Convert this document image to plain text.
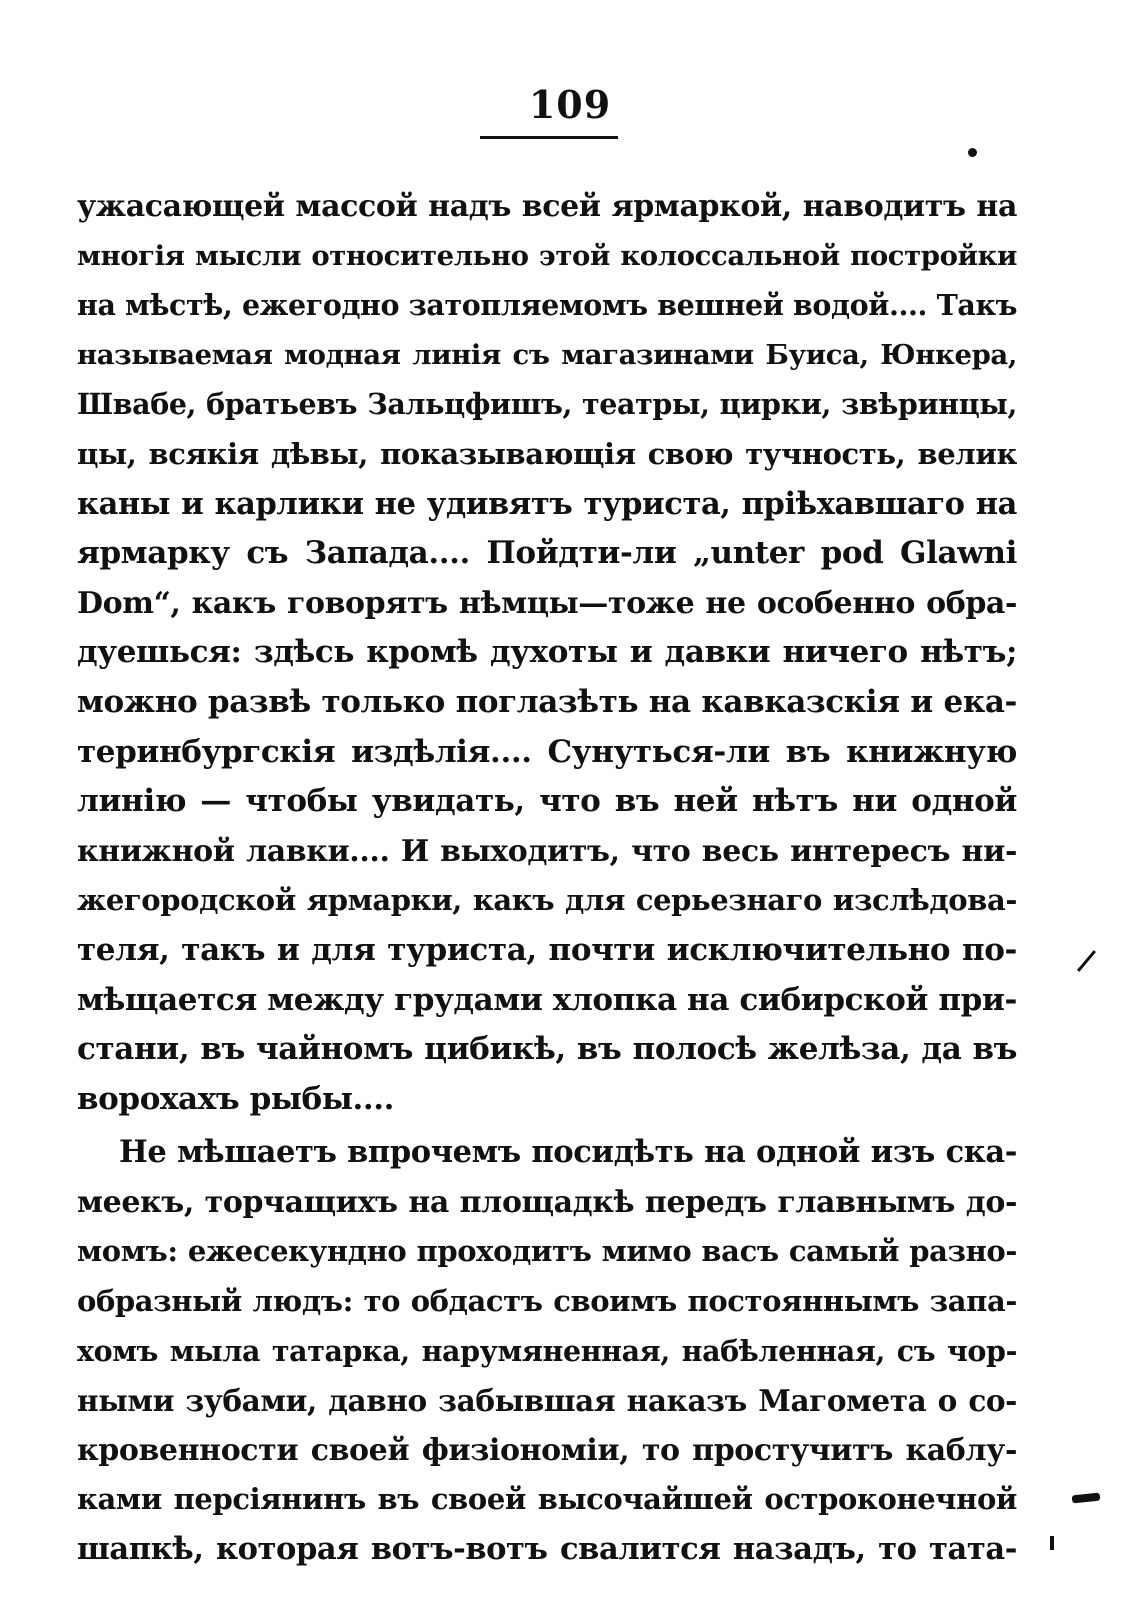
109
ужасающей массой надъ всей ярмаркой, наводитъ на
многія мысли относительно этой колоссальной постройки
на мѣстѣ, ежегодно затопляемомъ вешней водой.... Такъ
называемая модная линія съ магазинами Буиса, Юнкера,
Швабе, братьевъ Зальцфишъ, театры, цирки, звѣринцы,
цы, всякія дѣвы, показывающія свою тучность, велик
каны и карлики не удивятъ туриста, пріѣхавшаго на
ярмарку съ Запада.... Пойдти-ли „unter pod Glawni
Dom“, какъ говорятъ нѣмцы—тоже не особенно обра-
дуешься: здѣсь кромѣ духоты и давки ничего нѣтъ;
можно развѣ только поглазѣть на кавказскія и ека-
теринбургскія издѣлія.... Сунуться-ли въ книжную
линію — чтобы увидать, что въ ней нѣтъ ни одной
книжной лавки.... И выходитъ, что весь интересъ ни-
жегородской ярмарки, какъ для серьезнаго изслѣдова-
теля, такъ и для туриста, почти исключительно по-
мѣщается между грудами хлопка на сибирской при-
стани, въ чайномъ цибикѣ, въ полосѣ желѣза, да въ
ворохахъ рыбы....
Не мѣшаетъ впрочемъ посидѣть на одной изъ ска-
меекъ, торчащихъ на площадкѣ передъ главнымъ до-
момъ: ежесекундно проходитъ мимо васъ самый разно-
образный людъ: то обдастъ своимъ постояннымъ запа-
хомъ мыла татарка, нарумяненная, набѣленная, съ чор-
ными зубами, давно забывшая наказъ Магомета о со-
кровенности своей физіономіи, то простучитъ каблу-
ками персіянинъ въ своей высочайшей остроконечной
шапкѣ, которая вотъ-вотъ свалится назадъ, то тата-
